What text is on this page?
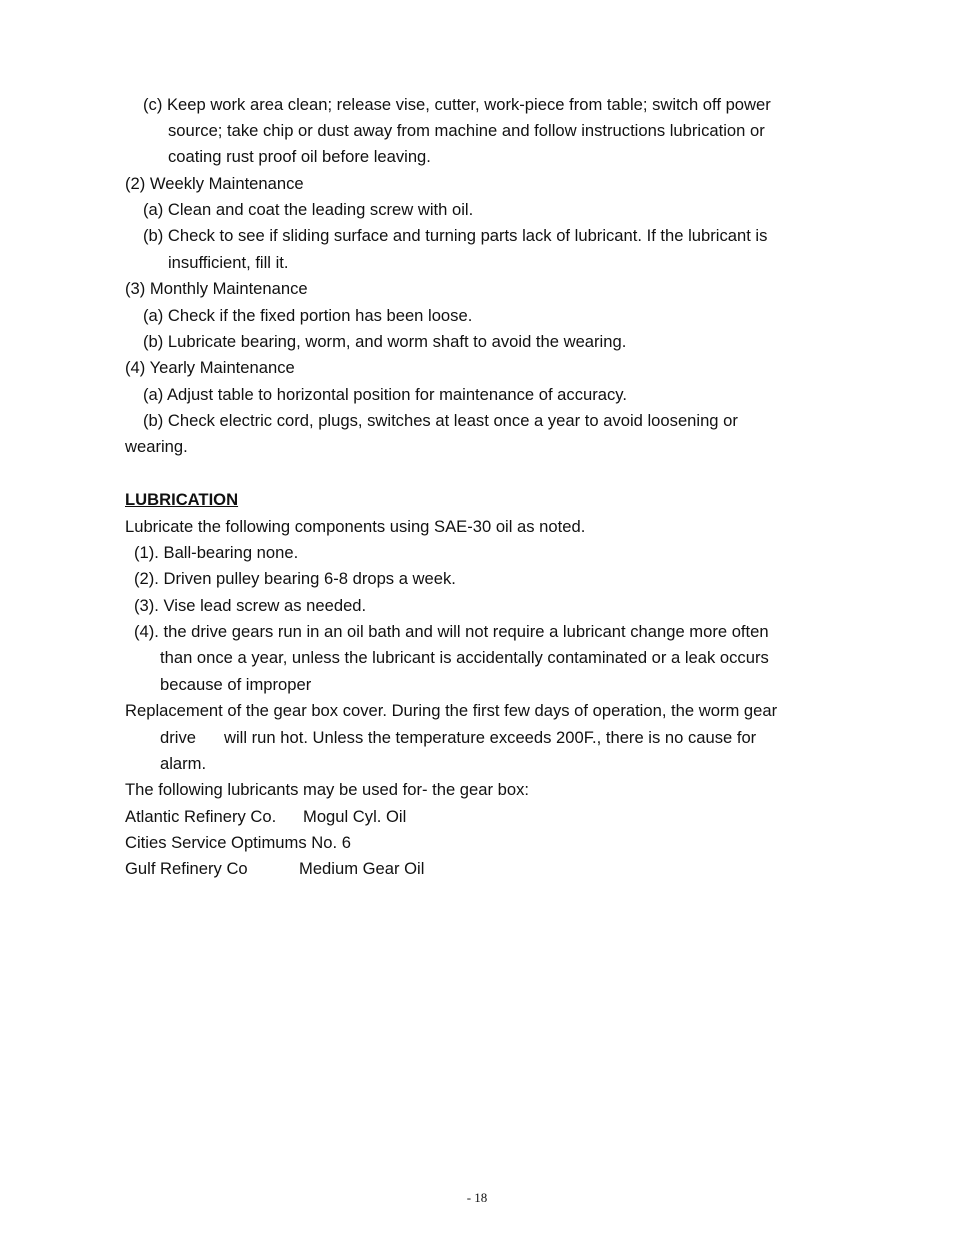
(c) Keep work area clean; release vise, cutter, work-piece from table; switch off power
source; take chip or dust away from machine and follow instructions lubrication or
coating rust proof oil before leaving.
(2) Weekly Maintenance
(a) Clean and coat the leading screw with oil.
(b) Check to see if sliding surface and turning parts lack of lubricant. If the lubricant is
insufficient, fill it.
(3) Monthly Maintenance
(a) Check if the fixed portion has been loose.
(b) Lubricate bearing, worm, and worm shaft to avoid the wearing.
(4) Yearly Maintenance
(a) Adjust table to horizontal position for maintenance of accuracy.
(b) Check electric cord, plugs, switches at least once a year to avoid loosening or
wearing.
LUBRICATION
Lubricate the following components using SAE-30 oil as noted.
(1). Ball-bearing none.
(2). Driven pulley bearing 6-8 drops a week.
(3). Vise lead screw as needed.
(4). the drive gears run in an oil bath and will not require a lubricant change more often
than once a year, unless the lubricant is accidentally contaminated or a leak occurs
because of improper
Replacement of the gear box cover. During the first few days of operation, the worm gear
drive will run hot. Unless the temperature exceeds 200F., there is no cause for
alarm.
The following lubricants may be used for- the gear box:
Atlantic Refinery Co. Mogul Cyl. Oil
Cities Service Optimums No. 6
Gulf Refinery Co	Medium Gear Oil
- 18
